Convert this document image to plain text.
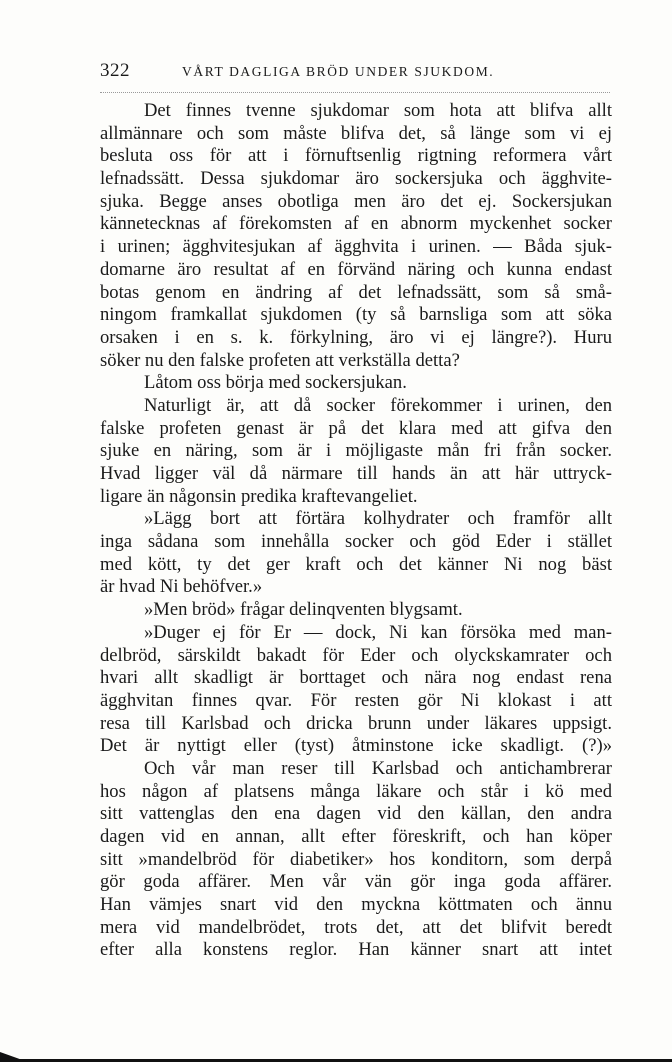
322	VÅRT DAGLIGA BRÖD UNDER SJUKDOM.
Det finnes tvenne sjukdomar som hota att blifva allt
allmännare och som måste blifva det, så länge som vi ej
besluta oss för att i förnuftsenlig rigtning reformera vårt
lefnadssätt. Dessa sjukdomar äro sockersjuka och ägghvite-
sjuka. Begge anses obotliga men äro det ej. Sockersjukan
kännetecknas af förekomsten af en abnorm myckenhet socker
i urinen; ägghvitesjukan af ägghvita i urinen. — Båda sjuk-
domarne äro resultat af en förvänd näring och kunna endast
botas genom en ändring af det lefnadssätt, som så små-
ningom framkallat sjukdomen (ty så barnsliga som att söka
orsaken i en s. k. förkylning, äro vi ej längre?). Huru
söker nu den falske profeten att verkställa detta?
Låtom oss börja med sockersjukan.
Naturligt är, att då socker förekommer i urinen, den
falske profeten genast är på det klara med att gifva den
sjuke en näring, som är i möjligaste mån fri från socker.
Hvad ligger väl då närmare till hands än att här uttryck-
ligare än någonsin predika kraftevangeliet.
»Lägg bort att förtära kolhydrater och framför allt
inga sådana som innehålla socker och göd Eder i stället
med kött, ty det ger kraft och det känner Ni nog bäst
är hvad Ni behöfver.»
»Men bröd» frågar delinqventen blygsamt.
»Duger ej för Er — dock, Ni kan försöka med man-
delbröd, särskildt bakadt för Eder och olyckskamrater och
hvari allt skadligt är borttaget och nära nog endast rena
ägghvitan finnes qvar. För resten gör Ni klokast i att
resa till Karlsbad och dricka brunn under läkares uppsigt.
Det är nyttigt eller (tyst) åtminstone icke skadligt. (?)»
Och vår man reser till Karlsbad och antichambrerar
hos någon af platsens många läkare och står i kö med
sitt vattenglas den ena dagen vid den källan, den andra
dagen vid en annan, allt efter föreskrift, och han köper
sitt »mandelbröd för diabetiker» hos konditorn, som derpå
gör goda affärer. Men vår vän gör inga goda affärer.
Han vämjes snart vid den myckna köttmaten och ännu
mera vid mandelbrödet, trots det, att det blifvit beredt
efter alla konstens reglor. Han känner snart att intet
